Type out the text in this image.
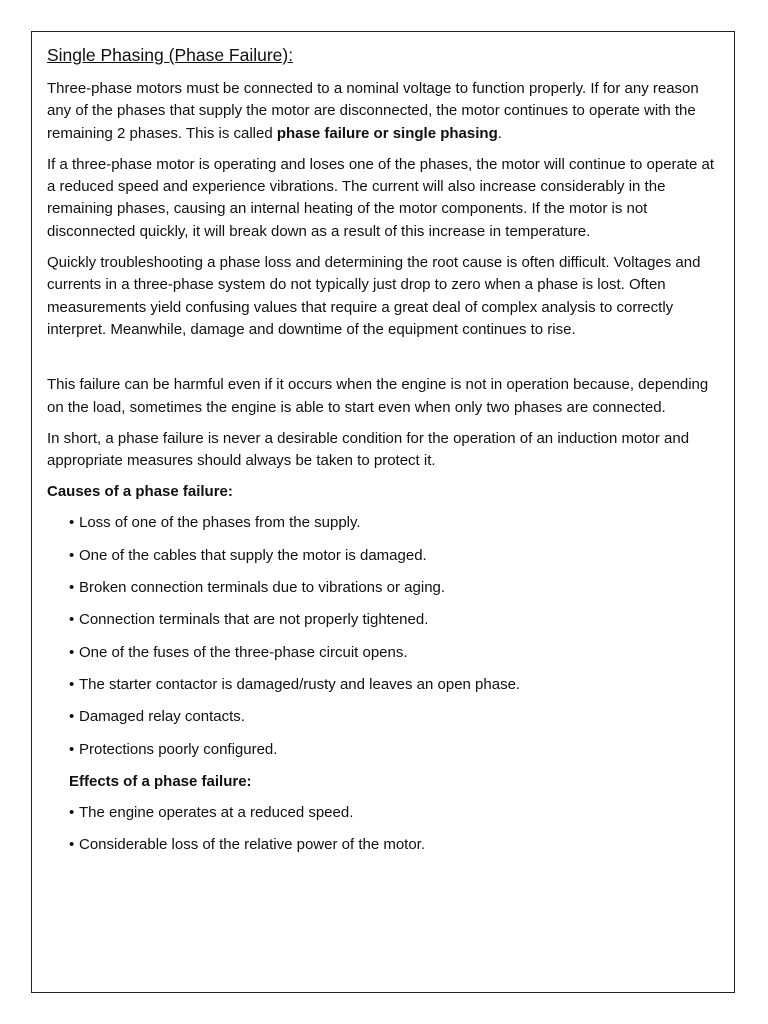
Single Phasing (Phase Failure):

Three-phase motors must be connected to a nominal voltage to function properly. If for any reason any of the phases that supply the motor are disconnected, the motor continues to operate with the remaining 2 phases. This is called phase failure or single phasing.

If a three-phase motor is operating and loses one of the phases, the motor will continue to operate at a reduced speed and experience vibrations. The current will also increase considerably in the remaining phases, causing an internal heating of the motor components. If the motor is not disconnected quickly, it will break down as a result of this increase in temperature.

Quickly troubleshooting a phase loss and determining the root cause is often difficult. Voltages and currents in a three-phase system do not typically just drop to zero when a phase is lost. Often measurements yield confusing values that require a great deal of complex analysis to correctly interpret. Meanwhile, damage and downtime of the equipment continues to rise.

This failure can be harmful even if it occurs when the engine is not in operation because, depending on the load, sometimes the engine is able to start even when only two phases are connected.

In short, a phase failure is never a desirable condition for the operation of an induction motor and appropriate measures should always be taken to protect it.

Causes of a phase failure:
• Loss of one of the phases from the supply.
• One of the cables that supply the motor is damaged.
• Broken connection terminals due to vibrations or aging.
• Connection terminals that are not properly tightened.
• One of the fuses of the three-phase circuit opens.
• The starter contactor is damaged/rusty and leaves an open phase.
• Damaged relay contacts.
• Protections poorly configured.
Effects of a phase failure:
• The engine operates at a reduced speed.
• Considerable loss of the relative power of the motor.
